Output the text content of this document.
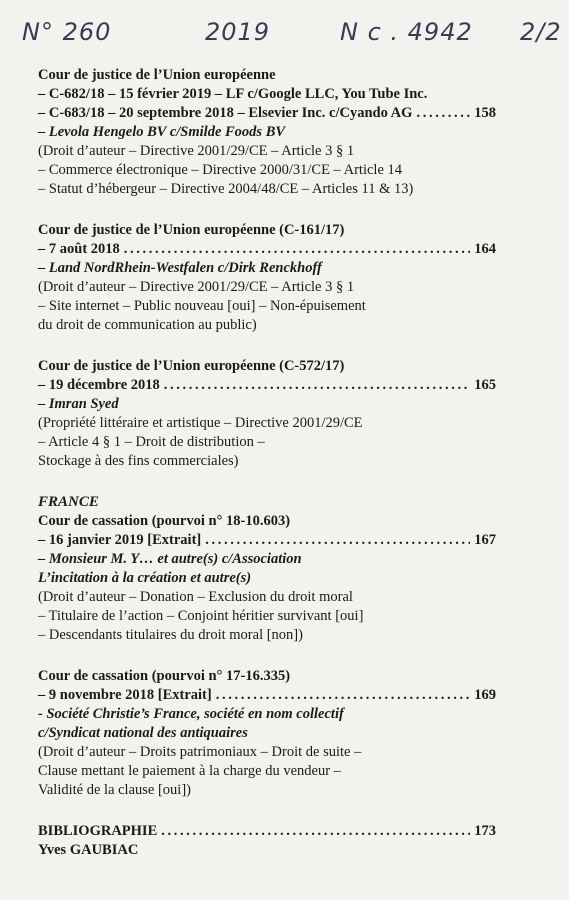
N° 260	2019	N c . 4942 2/2
Cour de justice de l’Union européenne
– C-682/18 – 15 février 2019 – LF c/Google LLC, You Tube Inc.
– C-683/18 – 20 septembre 2018 – Elsevier Inc. c/Cyando AG . . .	158
– Levola Hengelo BV c/Smilde Foods BV
(Droit d’auteur – Directive 2001/29/CE – Article 3 § 1
– Commerce électronique – Directive 2000/31/CE – Article 14
– Statut d’hébergeur – Directive 2004/48/CE – Articles 11 & 13)
Cour de justice de l’Union européenne (C-161/17)
– 7 août 2018 . . .	164
– Land NordRhein-Westfalen c/Dirk Renckhoff
(Droit d’auteur – Directive 2001/29/CE – Article 3 § 1
– Site internet – Public nouveau [oui] – Non-épuisement
du droit de communication au public)
Cour de justice de l’Union européenne (C-572/17)
– 19 décembre 2018 . . .	165
– Imran Syed
(Propriété littéraire et artistique – Directive 2001/29/CE
– Article 4 § 1 – Droit de distribution –
Stockage à des fins commerciales)
FRANCE
Cour de cassation (pourvoi n° 18-10.603)
– 16 janvier 2019 [Extrait] . . .	167
– Monsieur M. Y… et autre(s) c/Association
L’incitation à la création et autre(s)
(Droit d’auteur – Donation – Exclusion du droit moral
– Titulaire de l’action – Conjoint héritier survivant [oui]
– Descendants titulaires du droit moral [non])
Cour de cassation (pourvoi n° 17-16.335)
– 9 novembre 2018 [Extrait] . . .	169
- Société Christie’s France, société en nom collectif
c/Syndicat national des antiquaires
(Droit d’auteur – Droits patrimoniaux – Droit de suite –
Clause mettant le paiement à la charge du vendeur –
Validité de la clause [oui])
BIBLIOGRAPHIE . . .	173
Yves GAUBIAC
